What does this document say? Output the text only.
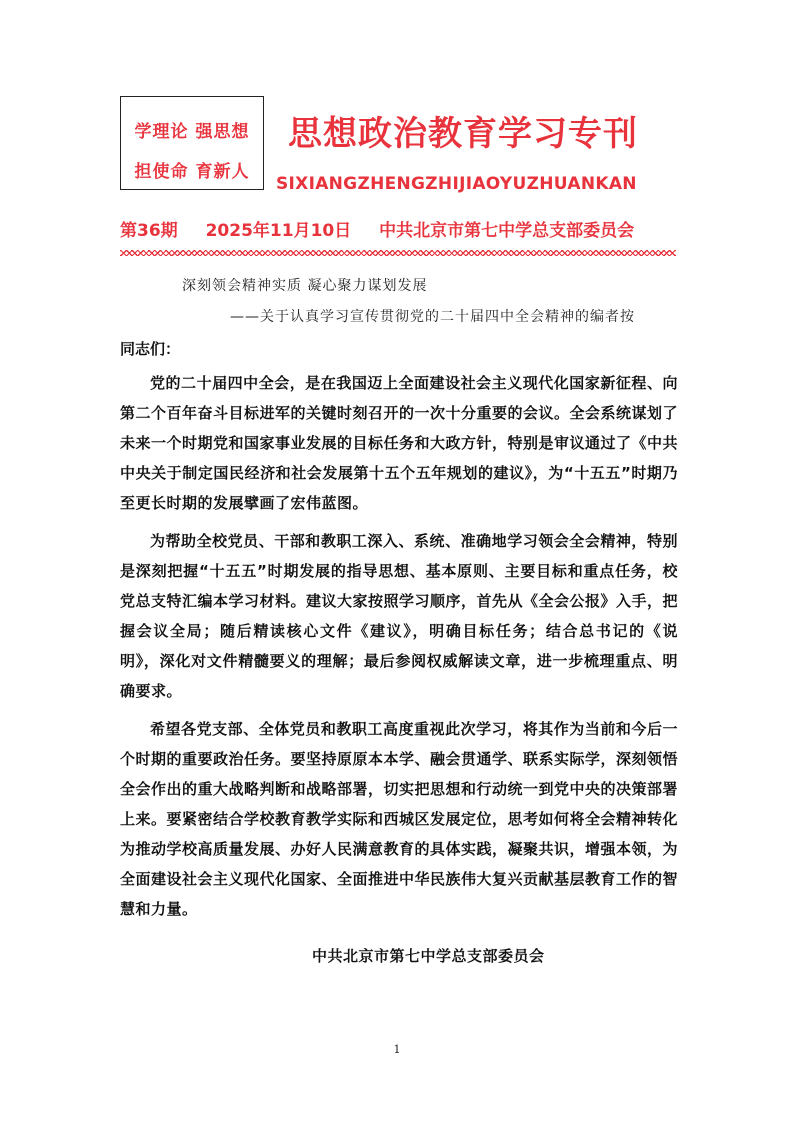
学理论 强思想
担使命 育新人
思想政治教育学习专刊
SIXIANGZHENGZHIJIAOYUZHUANKAN
第36期 2025年11月10日 中共北京市第七中学总支部委员会
深刻领会精神实质 凝心聚力谋划发展
——关于认真学习宣传贯彻党的二十届四中全会精神的编者按
同志们：

党的二十届四中全会，是在我国迈上全面建设社会主义现代化国家新征程、向第二个百年奋斗目标进军的关键时刻召开的一次十分重要的会议。全会系统谋划了未来一个时期党和国家事业发展的目标任务和大政方针，特别是审议通过了《中共中央关于制定国民经济和社会发展第十五个五年规划的建议》，为“十五五”时期乃至更长时期的发展擘画了宏伟蓝图。

为帮助全校党员、干部和教职工深入、系统、准确地学习领会全会精神，特别是深刻把握“十五五”时期发展的指导思想、基本原则、主要目标和重点任务，校党总支特汇编本学习材料。建议大家按照学习顺序，首先从《全会公报》入手，把握会议全局；随后精读核心文件《建议》，明确目标任务；结合总书记的《说明》，深化对文件精髓要义的理解；最后参阅权威解读文章，进一步梳理重点、明确要求。

希望各党支部、全体党员和教职工高度重视此次学习，将其作为当前和今后一个时期的重要政治任务。要坚持原原本本学、融会贯通学、联系实际学，深刻领悟全会作出的重大战略判断和战略部署，切实把思想和行动统一到党中央的决策部署上来。要紧密结合学校教育教学实际和西城区发展定位，思考如何将全会精神转化为推动学校高质量发展、办好人民满意教育的具体实践，凝聚共识，增强本领，为全面建设社会主义现代化国家、全面推进中华民族伟大复兴贡献基层教育工作的智慧和力量。

中共北京市第七中学总支部委员会
1
